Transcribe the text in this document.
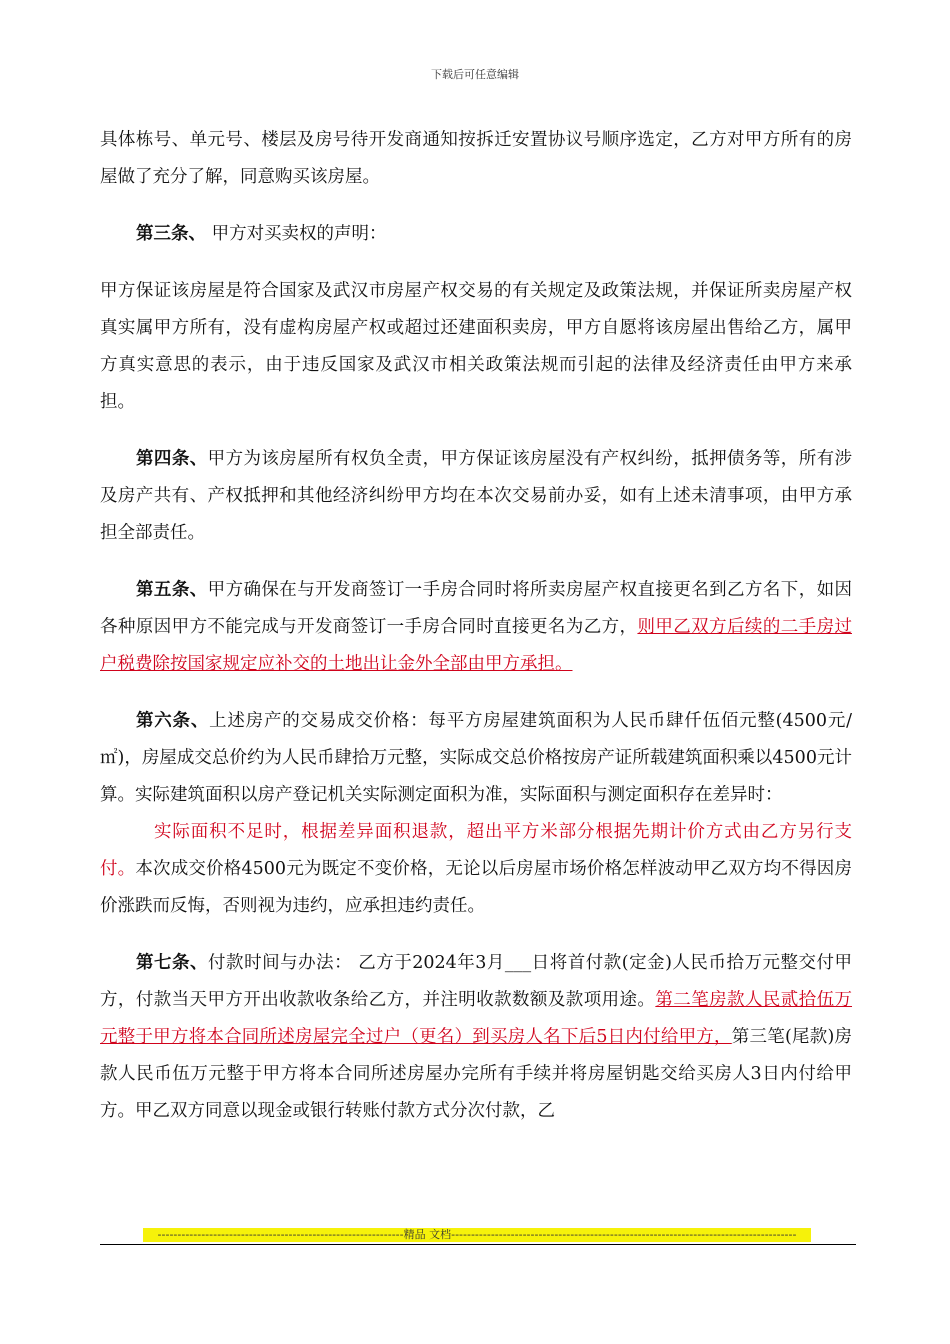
下载后可任意编辑

具体栋号、单元号、楼层及房号待开发商通知按拆迁安置协议号顺序选定，乙方对甲方所有的房屋做了充分了解，同意购买该房屋。

第三条、 甲方对买卖权的声明：

甲方保证该房屋是符合国家及武汉市房屋产权交易的有关规定及政策法规，并保证所卖房屋产权真实属甲方所有，没有虚构房屋产权或超过还建面积卖房，甲方自愿将该房屋出售给乙方，属甲方真实意思的表示，由于违反国家及武汉市相关政策法规而引起的法律及经济责任由甲方来承担。

第四条、甲方为该房屋所有权负全责，甲方保证该房屋没有产权纠纷，抵押债务等，所有涉及房产共有、产权抵押和其他经济纠纷甲方均在本次交易前办妥，如有上述未清事项，由甲方承担全部责任。

第五条、甲方确保在与开发商签订一手房合同时将所卖房屋产权直接更名到乙方名下，如因各种原因甲方不能完成与开发商签订一手房合同时直接更名为乙方，则甲乙双方后续的二手房过户税费除按国家规定应补交的土地出让金外全部由甲方承担。

第六条、上述房产的交易成交价格：每平方房屋建筑面积为人民币肆仟伍佰元整(4500元/㎡)，房屋成交总价约为人民币肆拾万元整，实际成交总价格按房产证所载建筑面积乘以4500元计算。实际建筑面积以房产登记机关实际测定面积为准，实际面积与测定面积存在差异时：

实际面积不足时，根据差异面积退款，超出平方米部分根据先期计价方式由乙方另行支付。本次成交价格4500元为既定不变价格，无论以后房屋市场价格怎样波动甲乙双方均不得因房价涨跌而反悔，否则视为违约，应承担违约责任。

第七条、付款时间与办法： 乙方于2024年3月___日将首付款(定金)人民币拾万元整交付甲方，付款当天甲方开出收款收条给乙方，并注明收款数额及款项用途。第二笔房款人民贰拾伍万元整于甲方将本合同所述房屋完全过户（更名）到买房人名下后5日内付给甲方，第三笔(尾款)房款人民币伍万元整于甲方将本合同所述房屋办完所有手续并将房屋钥匙交给买房人3日内付给甲方。甲乙双方同意以现金或银行转账付款方式分次付款，乙

--------------------------------------------------------------精品 文档---------------------------------------------------------------------------------------
